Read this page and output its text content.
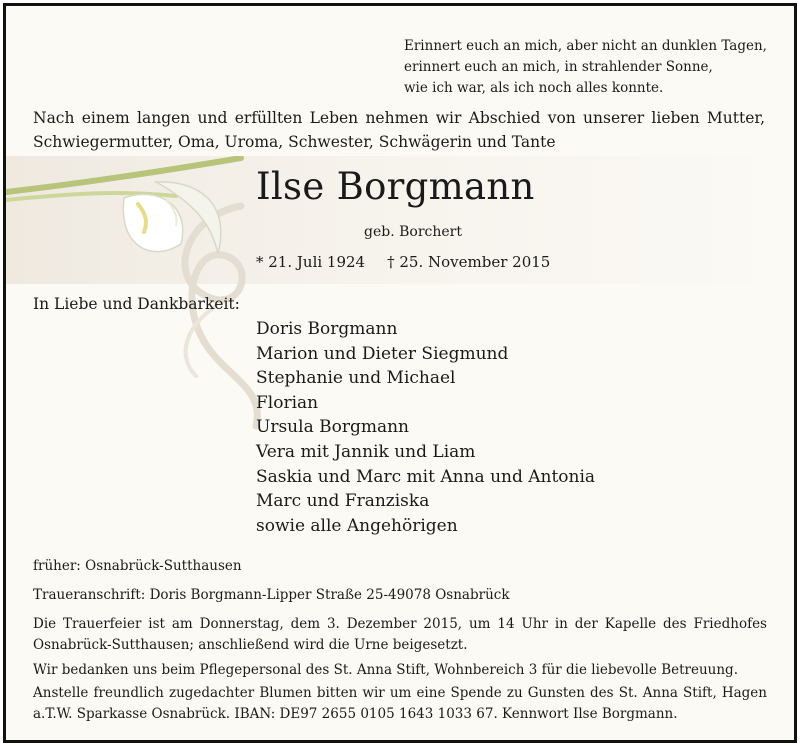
Erinnert euch an mich, aber nicht an dunklen Tagen,
erinnert euch an mich, in strahlender Sonne,
wie ich war, als ich noch alles konnte.

Nach einem langen und erfüllten Leben nehmen wir Abschied von unserer lieben Mutter, Schwiegermutter, Oma, Uroma, Schwester, Schwägerin und Tante

Ilse Borgmann
geb. Borchert
* 21. Juli 1924 † 25. November 2015
In Liebe und Dankbarkeit:
Doris Borgmann
Marion und Dieter Siegmund
Stephanie und Michael
Florian
Ursula Borgmann
Vera mit Jannik und Liam
Saskia und Marc mit Anna und Antonia
Marc und Franziska
sowie alle Angehörigen
früher: Osnabrück-Sutthausen
Traueranschrift: Doris Borgmann-Lipper Straße 25-49078 Osnabrück

Die Trauerfeier ist am Donnerstag, dem 3. Dezember 2015, um 14 Uhr in der Kapelle des Friedhofes Osnabrück-Sutthausen; anschließend wird die Urne beigesetzt.

Wir bedanken uns beim Pflegepersonal des St. Anna Stift, Wohnbereich 3 für die liebevolle Betreuung.

Anstelle freundlich zugedachter Blumen bitten wir um eine Spende zu Gunsten des St. Anna Stift, Hagen a.T.W. Sparkasse Osnabrück. IBAN: DE97 2655 0105 1643 1033 67. Kennwort Ilse Borgmann.
